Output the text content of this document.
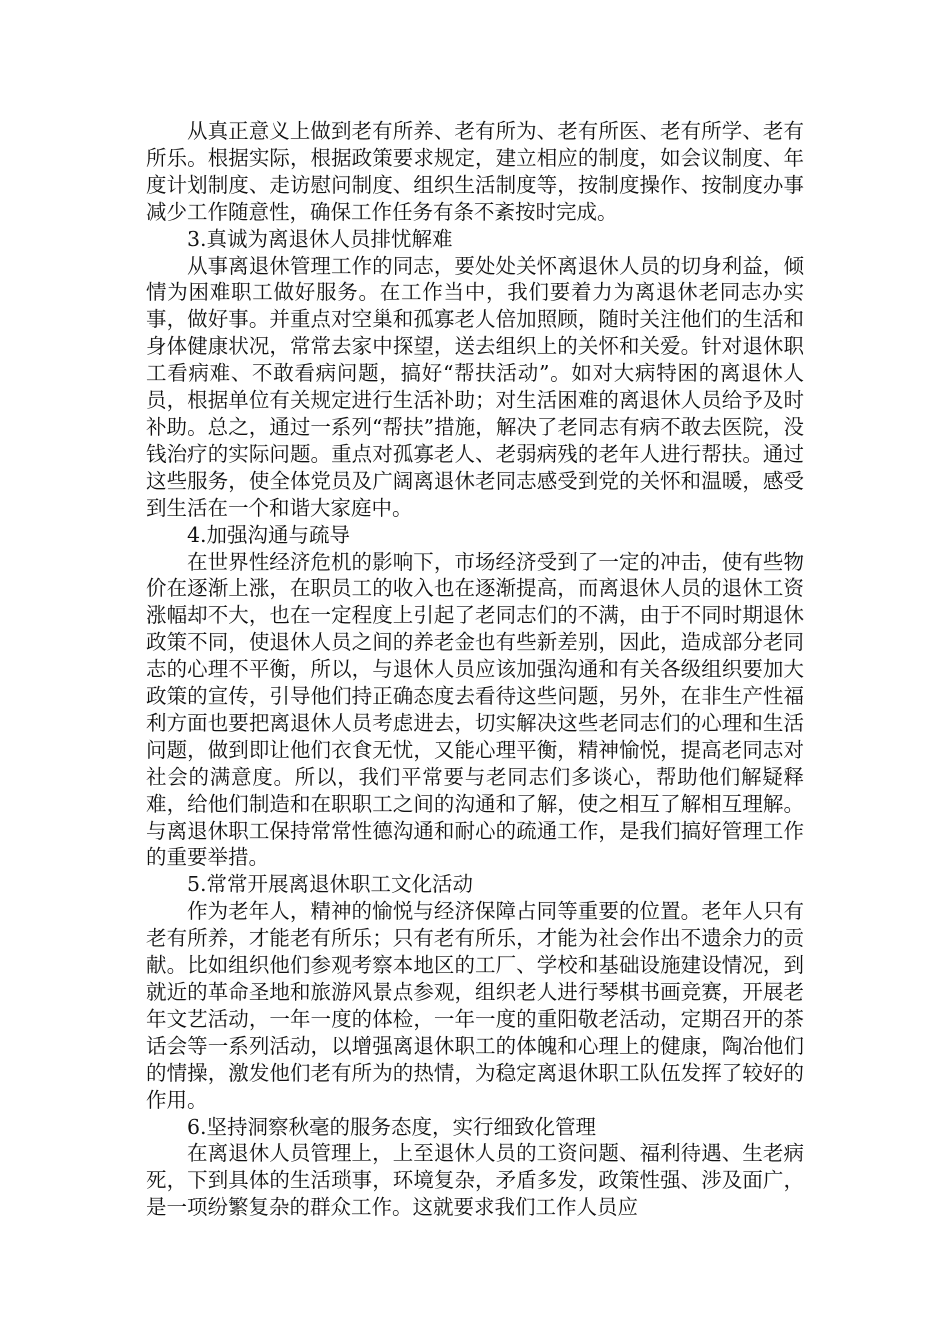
从真正意义上做到老有所养、老有所为、老有所医、老有所学、老有所乐。根据实际，根据政策要求规定，建立相应的制度，如会议制度、年度计划制度、走访慰问制度、组织生活制度等，按制度操作、按制度办事减少工作随意性，确保工作任务有条不紊按时完成。

3.真诚为离退休人员排忧解难

从事离退休管理工作的同志，要处处关怀离退休人员的切身利益，倾情为困难职工做好服务。在工作当中，我们要着力为离退休老同志办实事，做好事。并重点对空巢和孤寡老人倍加照顾，随时关注他们的生活和身体健康状况，常常去家中探望，送去组织上的关怀和关爱。针对退休职工看病难、不敢看病问题，搞好“帮扶活动”。如对大病特困的离退休人员，根据单位有关规定进行生活补助；对生活困难的离退休人员给予及时补助。总之，通过一系列“帮扶”措施，解决了老同志有病不敢去医院，没钱治疗的实际问题。重点对孤寡老人、老弱病残的老年人进行帮扶。通过这些服务，使全体党员及广阔离退休老同志感受到党的关怀和温暖，感受到生活在一个和谐大家庭中。

4.加强沟通与疏导

在世界性经济危机的影响下，市场经济受到了一定的冲击，使有些物价在逐渐上涨，在职员工的收入也在逐渐提高，而离退休人员的退休工资涨幅却不大，也在一定程度上引起了老同志们的不满，由于不同时期退休政策不同，使退休人员之间的养老金也有些新差别，因此，造成部分老同志的心理不平衡，所以，与退休人员应该加强沟通和有关各级组织要加大政策的宣传，引导他们持正确态度去看待这些问题，另外，在非生产性福利方面也要把离退休人员考虑进去，切实解决这些老同志们的心理和生活问题，做到即让他们衣食无忧，又能心理平衡，精神愉悦，提高老同志对社会的满意度。所以，我们平常要与老同志们多谈心，帮助他们解疑释难，给他们制造和在职职工之间的沟通和了解，使之相互了解相互理解。与离退休职工保持常常性德沟通和耐心的疏通工作，是我们搞好管理工作的重要举措。

5.常常开展离退休职工文化活动

作为老年人，精神的愉悦与经济保障占同等重要的位置。老年人只有老有所养，才能老有所乐；只有老有所乐，才能为社会作出不遗余力的贡献。比如组织他们参观考察本地区的工厂、学校和基础设施建设情况，到就近的革命圣地和旅游风景点参观，组织老人进行琴棋书画竞赛，开展老年文艺活动，一年一度的体检，一年一度的重阳敬老活动，定期召开的茶话会等一系列活动，以增强离退休职工的体魄和心理上的健康，陶冶他们的情操，激发他们老有所为的热情，为稳定离退休职工队伍发挥了较好的作用。

6.坚持洞察秋毫的服务态度，实行细致化管理

在离退休人员管理上，上至退休人员的工资问题、福利待遇、生老病死，下到具体的生活琐事，环境复杂，矛盾多发，政策性强、涉及面广，是一项纷繁复杂的群众工作。这就要求我们工作人员应
